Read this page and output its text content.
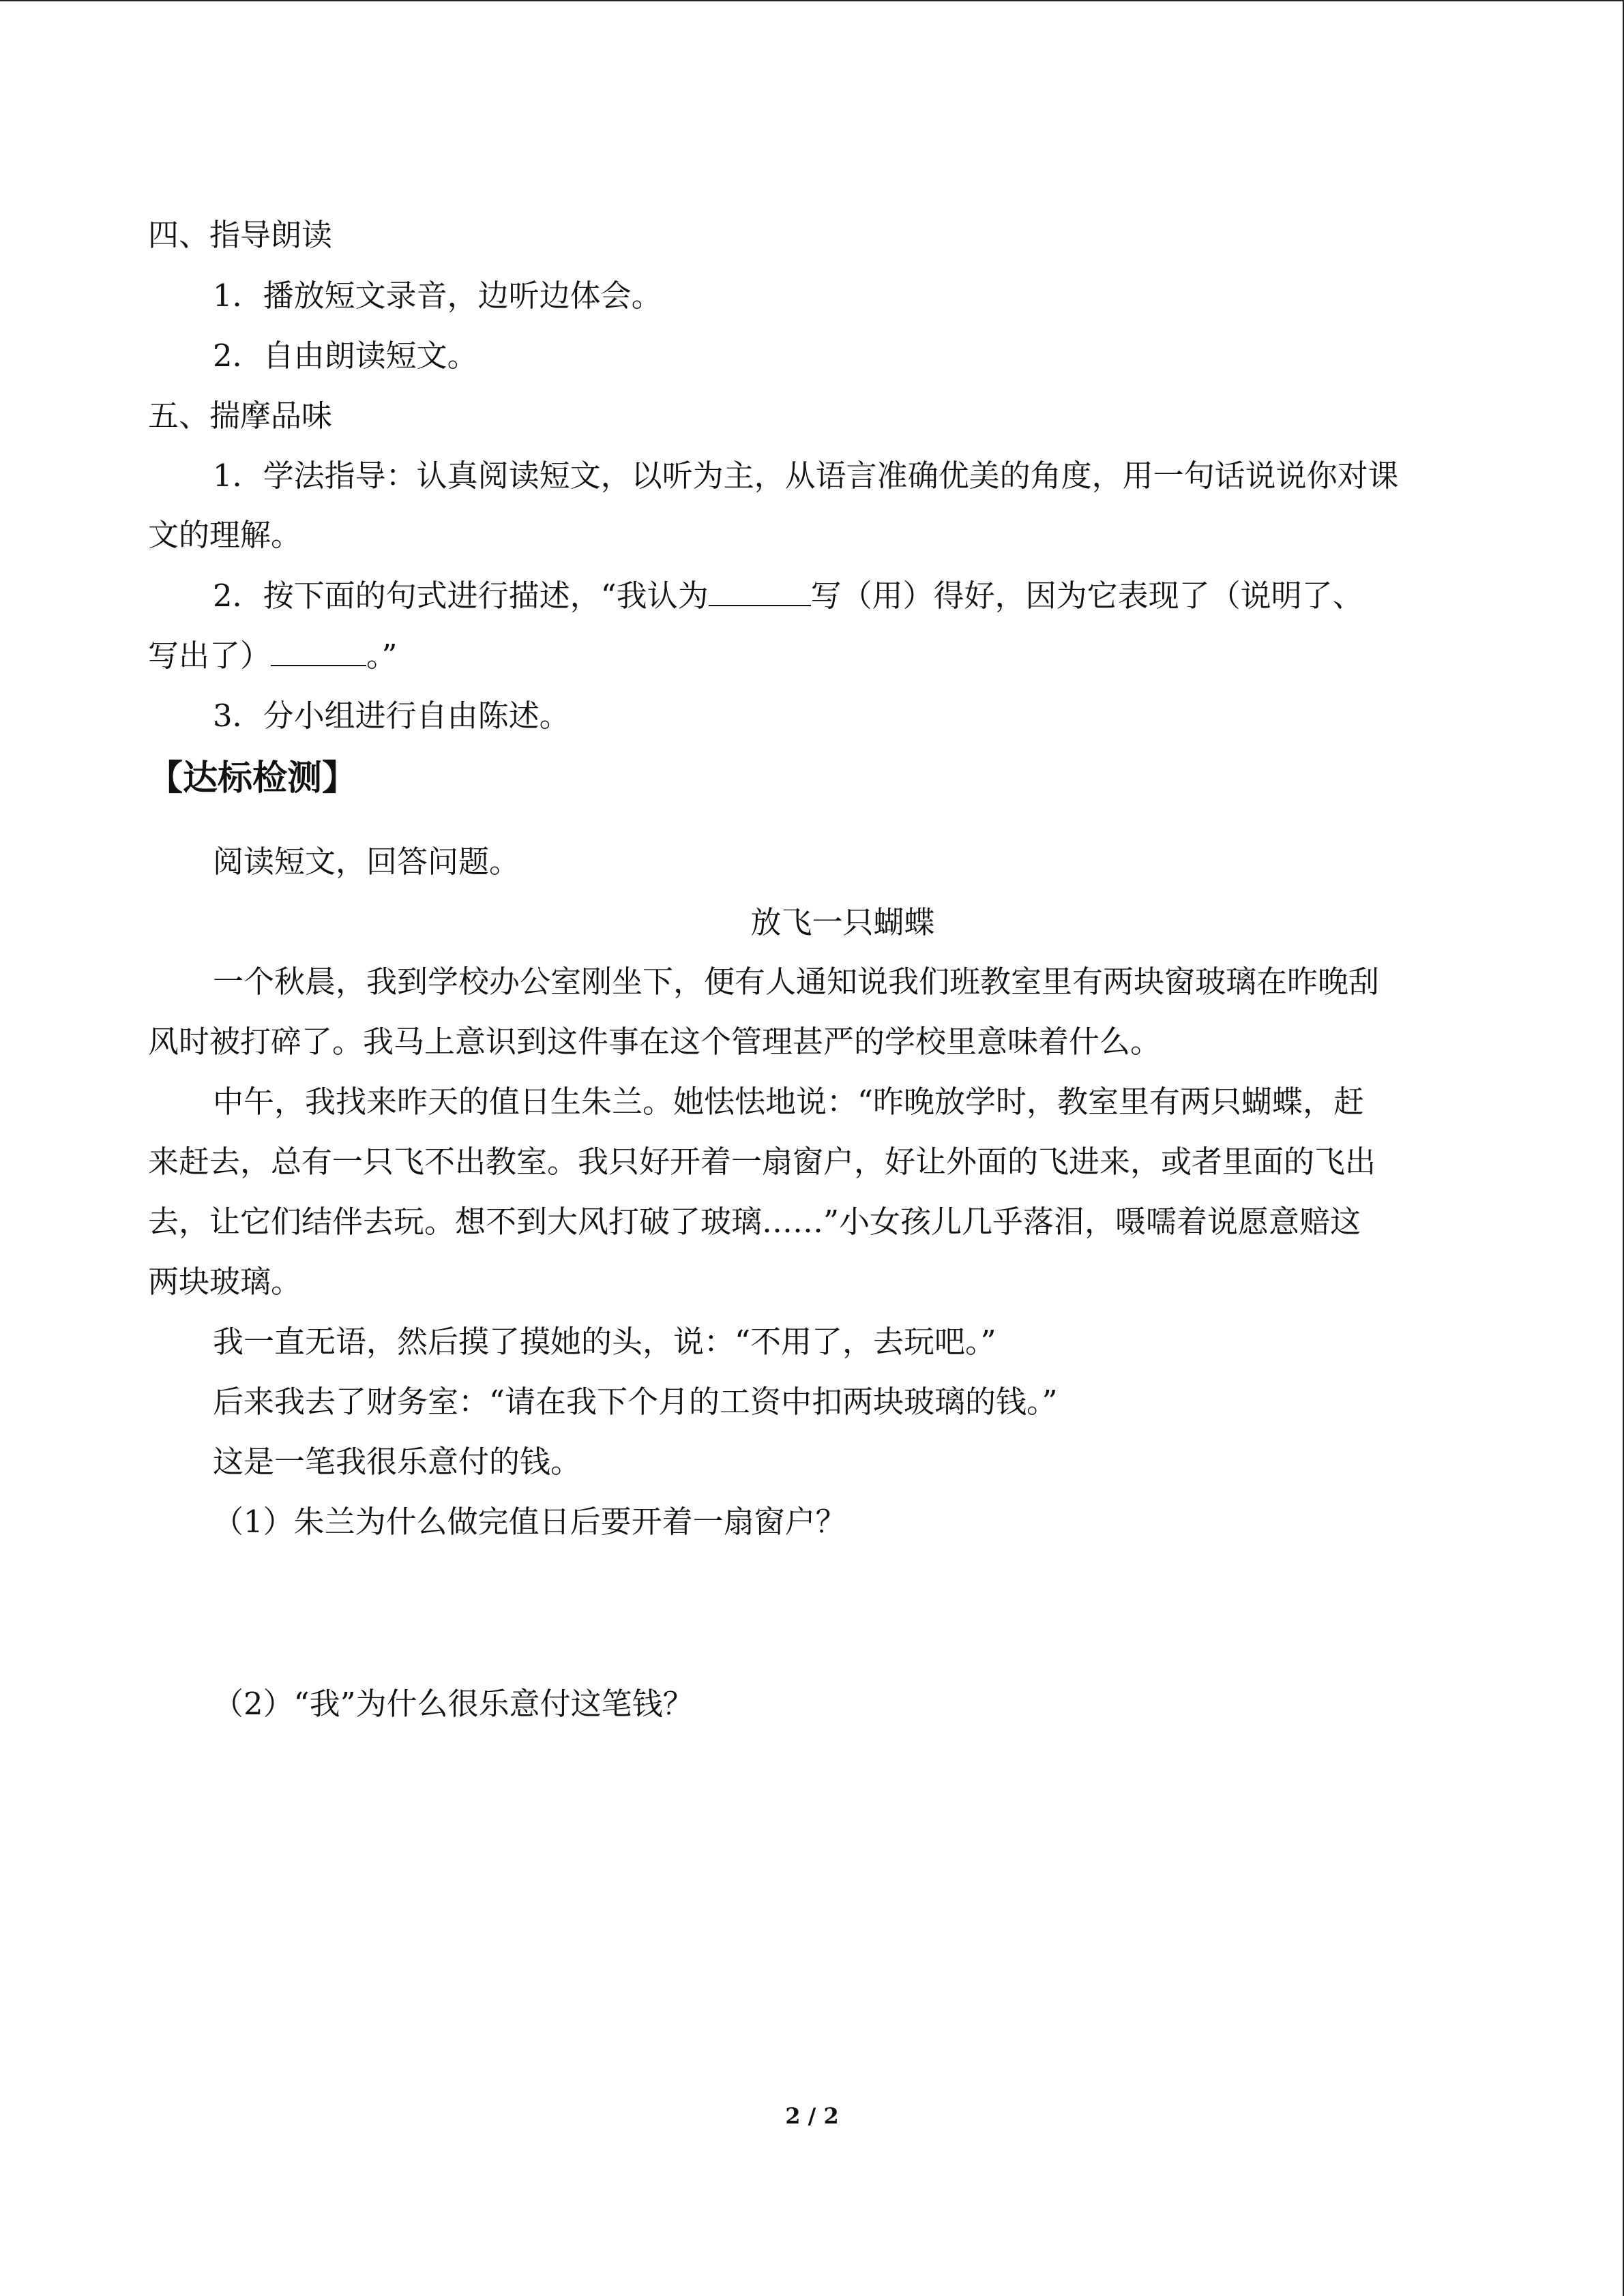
四、指导朗读
1．播放短文录音，边听边体会。
2．自由朗读短文。
五、揣摩品味
1．学法指导：认真阅读短文，以听为主，从语言准确优美的角度，用一句话说说你对课
文的理解。
2．按下面的句式进行描述，“我认为	写（用）得好，因为它表现了（说明了、
写出了）	。”
3．分小组进行自由陈述。
【达标检测】
阅读短文，回答问题。
放飞一只蝴蝶
一个秋晨，我到学校办公室刚坐下，便有人通知说我们班教室里有两块窗玻璃在昨晚刮
风时被打碎了。我马上意识到这件事在这个管理甚严的学校里意味着什么。
中午，我找来昨天的值日生朱兰。她怯怯地说：“昨晚放学时，教室里有两只蝴蝶，赶
来赶去，总有一只飞不出教室。我只好开着一扇窗户，好让外面的飞进来，或者里面的飞出
去，让它们结伴去玩。想不到大风打破了玻璃……”小女孩儿几乎落泪，嗫嚅着说愿意赔这
两块玻璃。
我一直无语，然后摸了摸她的头，说：“不用了，去玩吧。”
后来我去了财务室：“请在我下个月的工资中扣两块玻璃的钱。”
这是一笔我很乐意付的钱。
（1）朱兰为什么做完值日后要开着一扇窗户？
（2）“我”为什么很乐意付这笔钱？
2 / 2
